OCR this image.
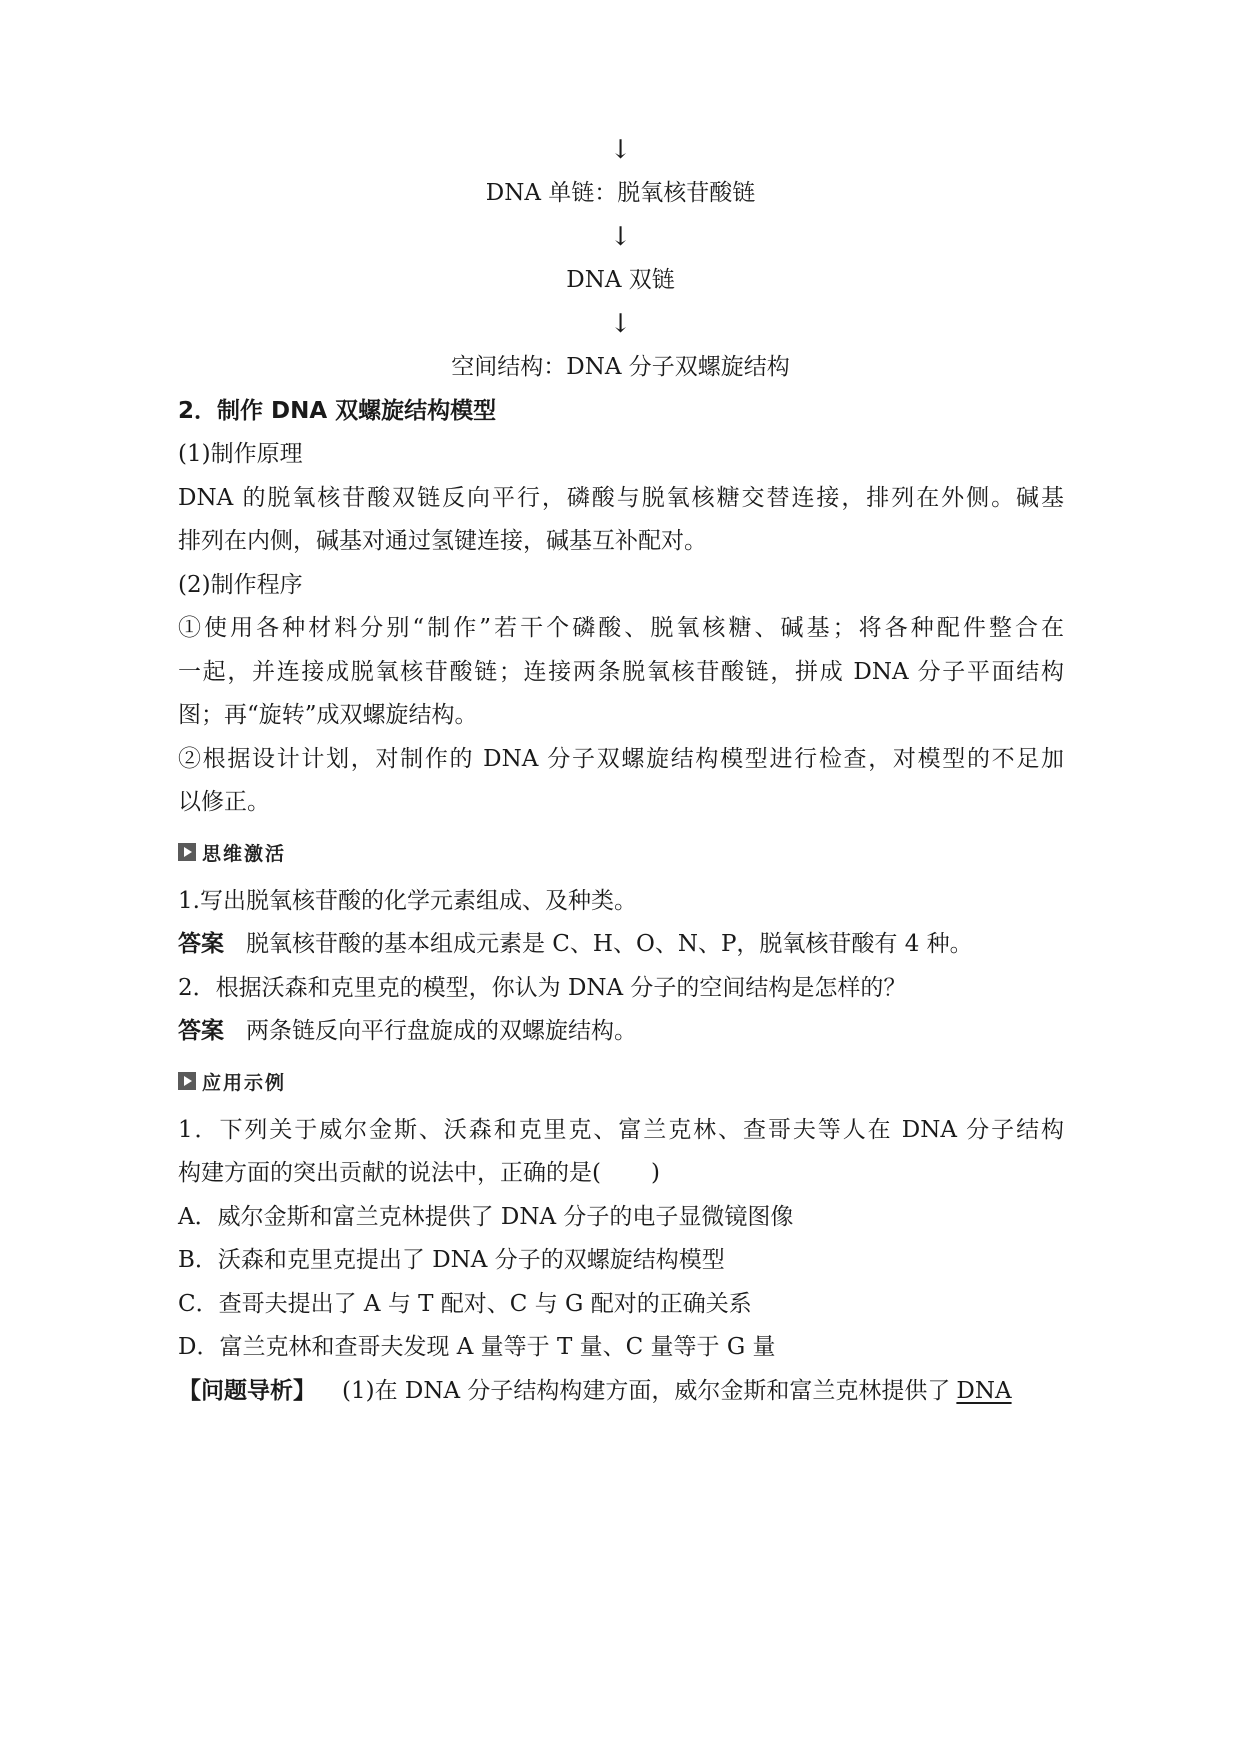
↓
DNA 单链：脱氧核苷酸链
↓
DNA 双链
↓
空间结构：DNA 分子双螺旋结构
2．制作 DNA 双螺旋结构模型
(1)制作原理
DNA 的脱氧核苷酸双链反向平行，磷酸与脱氧核糖交替连接，排列在外侧。碱基
排列在内侧，碱基对通过氢键连接，碱基互补配对。
(2)制作程序
①使用各种材料分别“制作”若干个磷酸、脱氧核糖、碱基；将各种配件整合在
一起，并连接成脱氧核苷酸链；连接两条脱氧核苷酸链，拼成 DNA 分子平面结构
图；再“旋转”成双螺旋结构。
②根据设计计划，对制作的 DNA 分子双螺旋结构模型进行检查，对模型的不足加
以修正。
思维激活
1.写出脱氧核苷酸的化学元素组成、及种类。
答案 脱氧核苷酸的基本组成元素是 C、H、O、N、P，脱氧核苷酸有 4 种。
2．根据沃森和克里克的模型，你认为 DNA 分子的空间结构是怎样的？
答案 两条链反向平行盘旋成的双螺旋结构。
应用示例
1．下列关于威尔金斯、沃森和克里克、富兰克林、查哥夫等人在 DNA 分子结构
构建方面的突出贡献的说法中，正确的是( )
A．威尔金斯和富兰克林提供了 DNA 分子的电子显微镜图像
B．沃森和克里克提出了 DNA 分子的双螺旋结构模型
C．查哥夫提出了 A 与 T 配对、C 与 G 配对的正确关系
D．富兰克林和查哥夫发现 A 量等于 T 量、C 量等于 G 量
【问题导析】 (1)在 DNA 分子结构构建方面，威尔金斯和富兰克林提供了 DNA
